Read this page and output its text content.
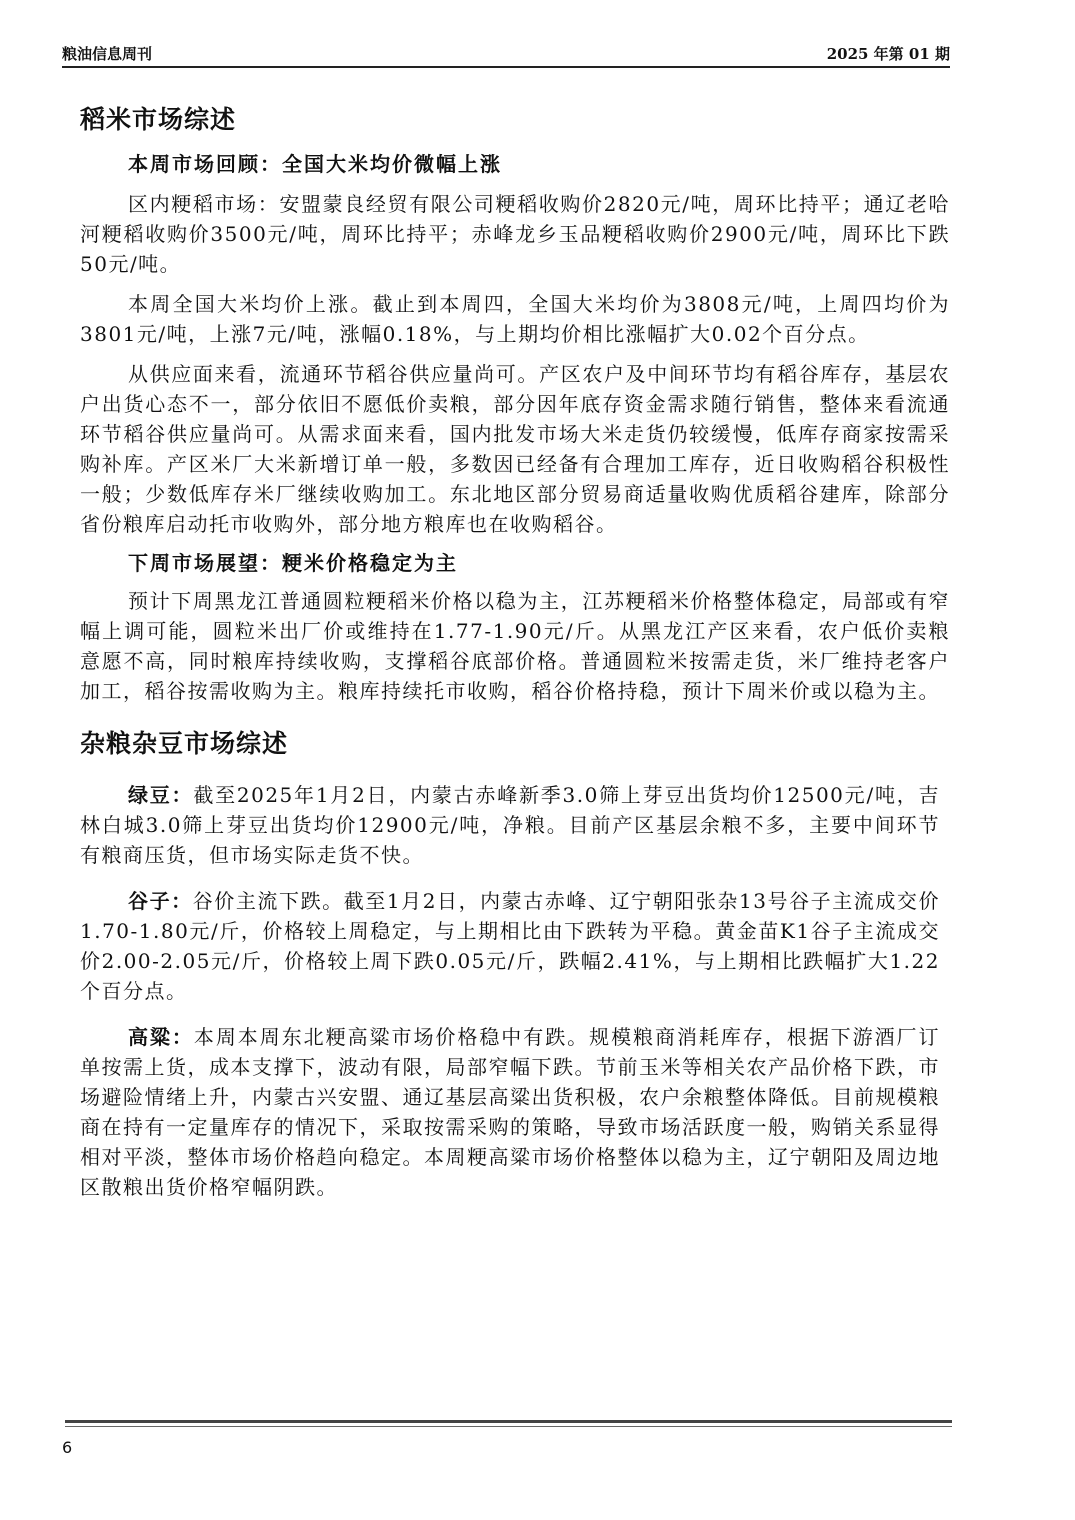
粮油信息周刊	2025 年第 01 期
稻米市场综述
本周市场回顾：全国大米均价微幅上涨

区内粳稻市场：安盟蒙良经贸有限公司粳稻收购价2820元/吨，周环比持平；通辽老哈河粳稻收购价3500元/吨，周环比持平；赤峰龙乡玉品粳稻收购价2900元/吨，周环比下跌50元/吨。

本周全国大米均价上涨。截止到本周四，全国大米均价为3808元/吨，上周四均价为3801元/吨，上涨7元/吨，涨幅0.18%，与上期均价相比涨幅扩大0.02个百分点。

从供应面来看，流通环节稻谷供应量尚可。产区农户及中间环节均有稻谷库存，基层农户出货心态不一，部分依旧不愿低价卖粮，部分因年底存资金需求随行销售，整体来看流通环节稻谷供应量尚可。从需求面来看，国内批发市场大米走货仍较缓慢，低库存商家按需采购补库。产区米厂大米新增订单一般，多数因已经备有合理加工库存，近日收购稻谷积极性一般；少数低库存米厂继续收购加工。东北地区部分贸易商适量收购优质稻谷建库，除部分省份粮库启动托市收购外，部分地方粮库也在收购稻谷。

下周市场展望：粳米价格稳定为主

预计下周黑龙江普通圆粒粳稻米价格以稳为主，江苏粳稻米价格整体稳定，局部或有窄幅上调可能，圆粒米出厂价或维持在1.77-1.90元/斤。从黑龙江产区来看，农户低价卖粮意愿不高，同时粮库持续收购，支撑稻谷底部价格。普通圆粒米按需走货，米厂维持老客户加工，稻谷按需收购为主。粮库持续托市收购，稻谷价格持稳，预计下周米价或以稳为主。

杂粮杂豆市场综述

绿豆：截至2025年1月2日，内蒙古赤峰新季3.0筛上芽豆出货均价12500元/吨，吉林白城3.0筛上芽豆出货均价12900元/吨，净粮。目前产区基层余粮不多，主要中间环节有粮商压货，但市场实际走货不快。

谷子：谷价主流下跌。截至1月2日，内蒙古赤峰、辽宁朝阳张杂13号谷子主流成交价1.70-1.80元/斤，价格较上周稳定，与上期相比由下跌转为平稳。黄金苗K1谷子主流成交价2.00-2.05元/斤，价格较上周下跌0.05元/斤，跌幅2.41%，与上期相比跌幅扩大1.22个百分点。

高粱：本周本周东北粳高粱市场价格稳中有跌。规模粮商消耗库存，根据下游酒厂订单按需上货，成本支撑下，波动有限，局部窄幅下跌。节前玉米等相关农产品价格下跌，市场避险情绪上升，内蒙古兴安盟、通辽基层高粱出货积极，农户余粮整体降低。目前规模粮商在持有一定量库存的情况下，采取按需采购的策略，导致市场活跃度一般，购销关系显得相对平淡，整体市场价格趋向稳定。本周粳高粱市场价格整体以稳为主，辽宁朝阳及周边地区散粮出货价格窄幅阴跌。

6
